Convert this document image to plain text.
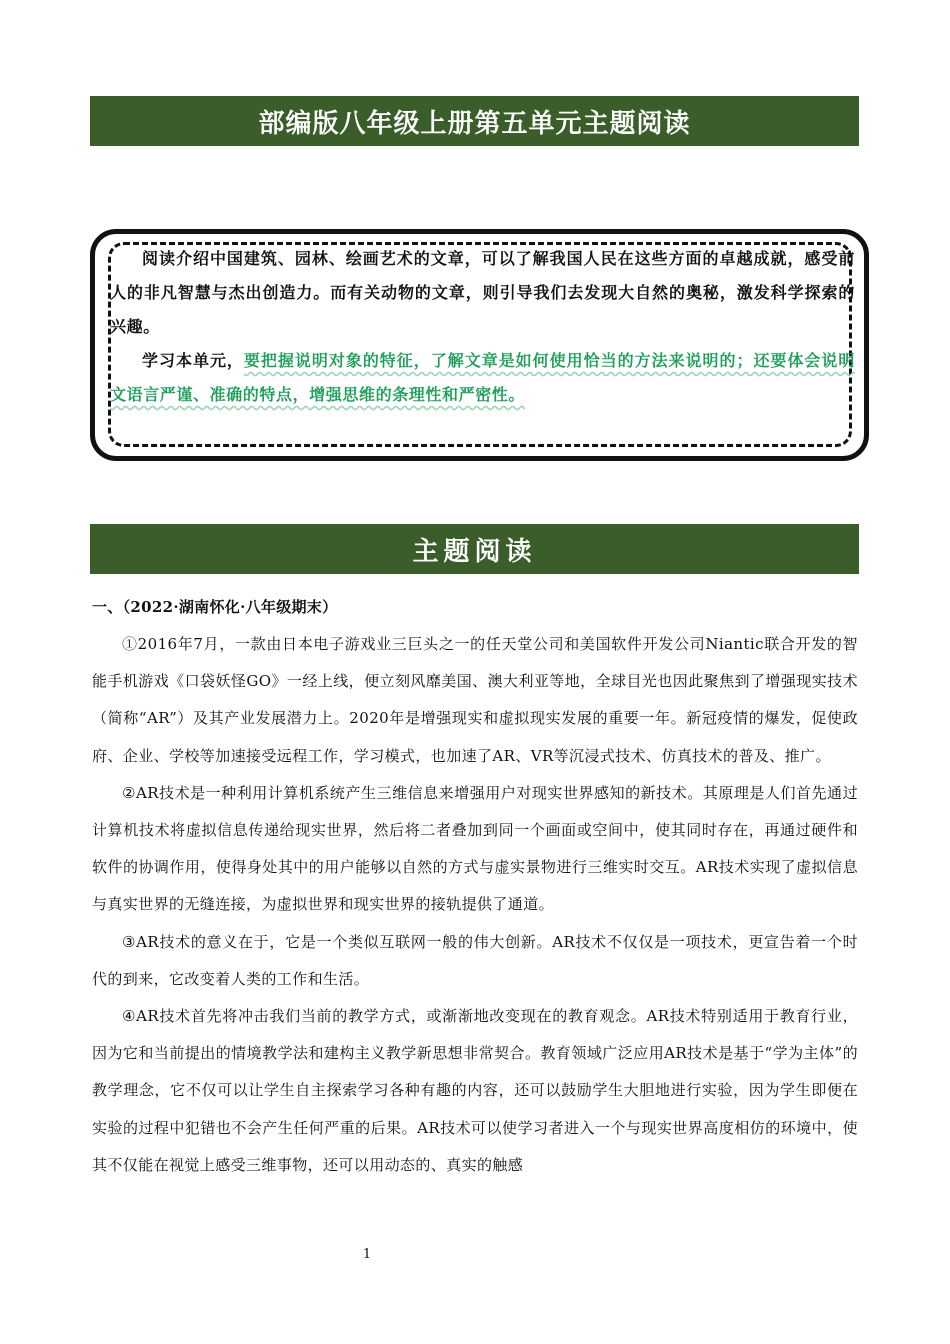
部编版八年级上册第五单元主题阅读

阅读介绍中国建筑、园林、绘画艺术的文章，可以了解我国人民在这些方面的卓越成就，感受前人的非凡智慧与杰出创造力。而有关动物的文章，则引导我们去发现大自然的奥秘，激发科学探索的兴趣。

学习本单元，要把握说明对象的特征，了解文章是如何使用恰当的方法来说明的；还要体会说明文语言严谨、准确的特点，增强思维的条理性和严密性。

主题阅读
一、（2022·湖南怀化·八年级期末）

①2016年7月，一款由日本电子游戏业三巨头之一的任天堂公司和美国软件开发公司Niantic联合开发的智能手机游戏《口袋妖怪GO》一经上线，便立刻风靡美国、澳大利亚等地，全球目光也因此聚焦到了增强现实技术（简称“AR”）及其产业发展潜力上。2020年是增强现实和虚拟现实发展的重要一年。新冠疫情的爆发，促使政府、企业、学校等加速接受远程工作，学习模式，也加速了AR、VR等沉浸式技术、仿真技术的普及、推广。

②AR技术是一种利用计算机系统产生三维信息来增强用户对现实世界感知的新技术。其原理是人们首先通过计算机技术将虚拟信息传递给现实世界，然后将二者叠加到同一个画面或空间中，使其同时存在，再通过硬件和软件的协调作用，使得身处其中的用户能够以自然的方式与虚实景物进行三维实时交互。AR技术实现了虚拟信息与真实世界的无缝连接，为虚拟世界和现实世界的接轨提供了通道。

③AR技术的意义在于，它是一个类似互联网一般的伟大创新。AR技术不仅仅是一项技术，更宣告着一个时代的到来，它改变着人类的工作和生活。

④AR技术首先将冲击我们当前的教学方式，或渐渐地改变现在的教育观念。AR技术特别适用于教育行业，因为它和当前提出的情境教学法和建构主义教学新思想非常契合。教育领域广泛应用AR技术是基于“学为主体”的教学理念，它不仅可以让学生自主探索学习各种有趣的内容，还可以鼓励学生大胆地进行实验，因为学生即便在实验的过程中犯错也不会产生任何严重的后果。AR技术可以使学习者进入一个与现实世界高度相仿的环境中，使其不仅能在视觉上感受三维事物，还可以用动态的、真实的触感

1
